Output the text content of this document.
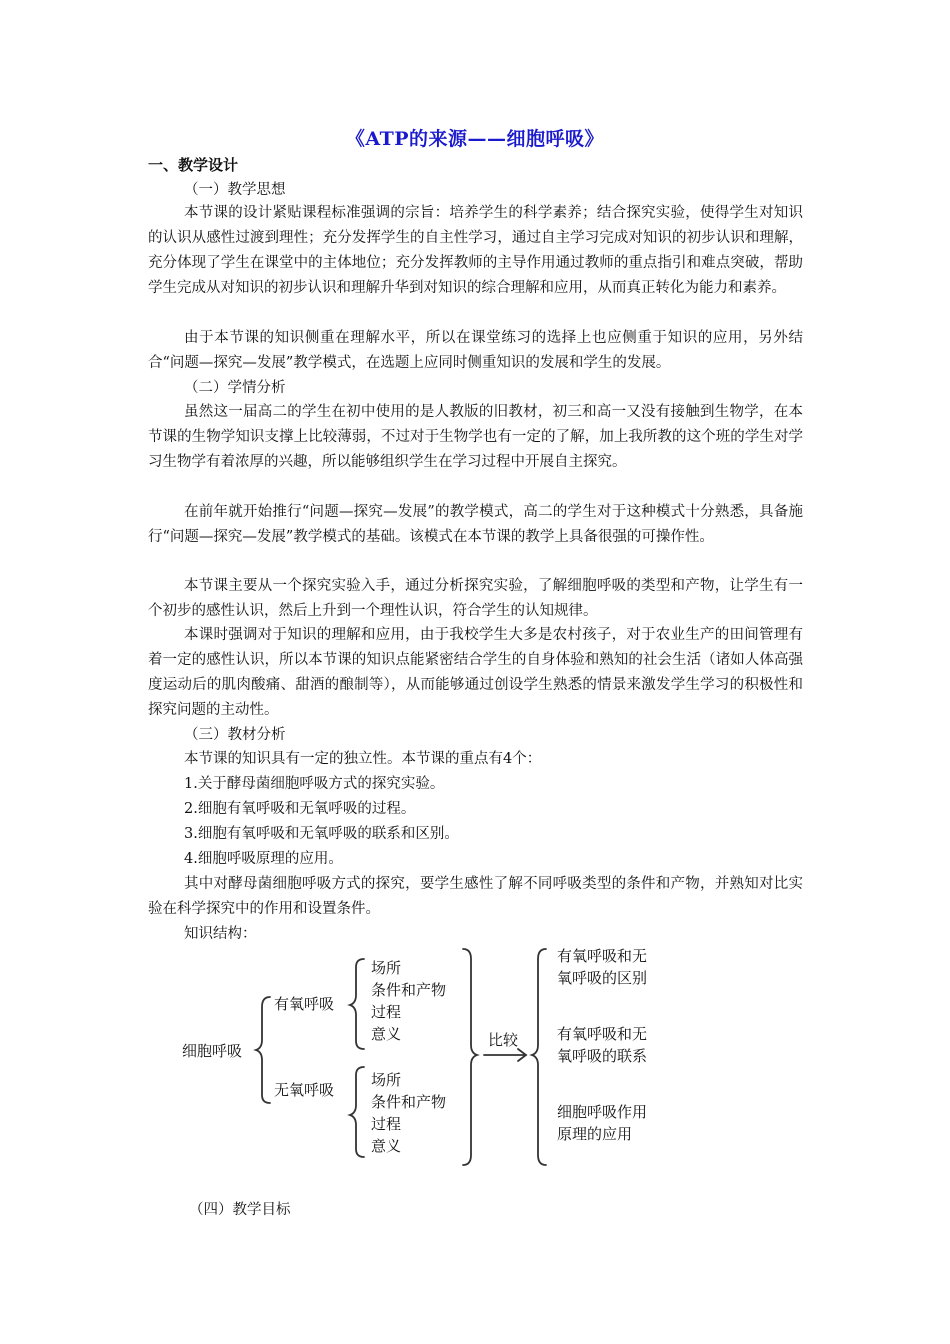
《ATP的来源——细胞呼吸》
一、教学设计
（一）教学思想

本节课的设计紧贴课程标准强调的宗旨：培养学生的科学素养；结合探究实验，使得学生对知识的认识从感性过渡到理性；充分发挥学生的自主性学习，通过自主学习完成对知识的初步认识和理解，充分体现了学生在课堂中的主体地位；充分发挥教师的主导作用通过教师的重点指引和难点突破，帮助学生完成从对知识的初步认识和理解升华到对知识的综合理解和应用，从而真正转化为能力和素养。

由于本节课的知识侧重在理解水平，所以在课堂练习的选择上也应侧重于知识的应用，另外结合“问题—探究—发展”教学模式，在选题上应同时侧重知识的发展和学生的发展。

（二）学情分析

虽然这一届高二的学生在初中使用的是人教版的旧教材，初三和高一又没有接触到生物学，在本节课的生物学知识支撑上比较薄弱，不过对于生物学也有一定的了解，加上我所教的这个班的学生对学习生物学有着浓厚的兴趣，所以能够组织学生在学习过程中开展自主探究。

在前年就开始推行“问题—探究—发展”的教学模式，高二的学生对于这种模式十分熟悉，具备施行“问题—探究—发展”教学模式的基础。该模式在本节课的教学上具备很强的可操作性。

本节课主要从一个探究实验入手，通过分析探究实验，了解细胞呼吸的类型和产物，让学生有一个初步的感性认识，然后上升到一个理性认识，符合学生的认知规律。

本课时强调对于知识的理解和应用，由于我校学生大多是农村孩子，对于农业生产的田间管理有着一定的感性认识，所以本节课的知识点能紧密结合学生的自身体验和熟知的社会生活（诸如人体高强度运动后的肌肉酸痛、甜酒的酿制等），从而能够通过创设学生熟悉的情景来激发学生学习的积极性和探究问题的主动性。

（三）教材分析

本节课的知识具有一定的独立性。本节课的重点有4个：

1.关于酵母菌细胞呼吸方式的探究实验。
2.细胞有氧呼吸和无氧呼吸的过程。
3.细胞有氧呼吸和无氧呼吸的联系和区别。
4.细胞呼吸原理的应用。

其中对酵母菌细胞呼吸方式的探究，要学生感性了解不同呼吸类型的条件和产物，并熟知对比实验在科学探究中的作用和设置条件。

知识结构：
细胞呼吸
有氧呼吸
无氧呼吸
场所
条件和产物
过程
意义
场所
条件和产物
过程
意义
比较
有氧呼吸和无氧呼吸的区别
有氧呼吸和无氧呼吸的联系
细胞呼吸作用原理的应用
（四）教学目标
